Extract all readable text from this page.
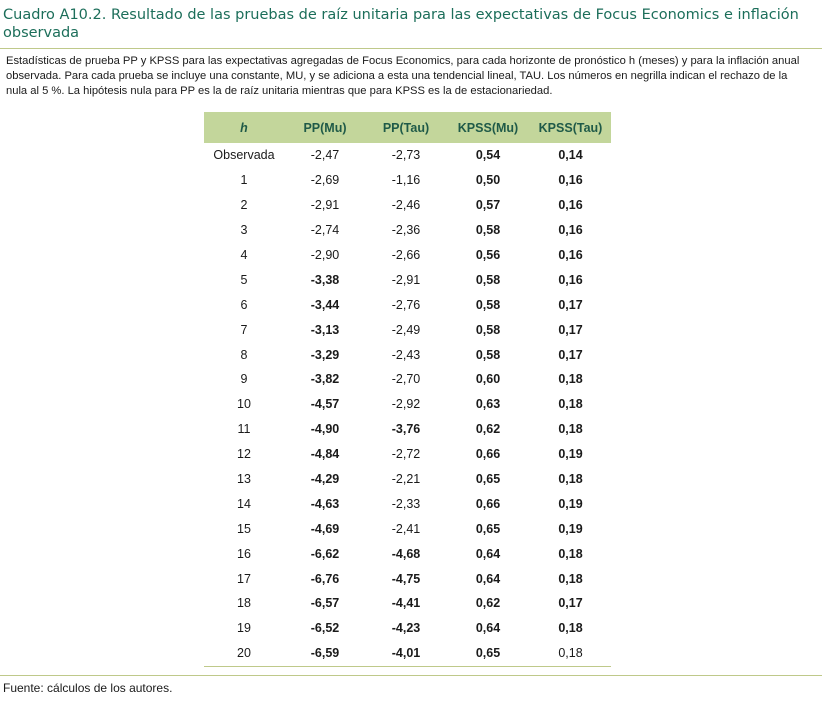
Cuadro A10.2. Resultado de las pruebas de raíz unitaria para las expectativas de Focus Economics e inflación observada
Estadísticas de prueba PP y KPSS para las expectativas agregadas de Focus Economics, para cada horizonte de pronóstico h (meses) y para la inflación anual observada. Para cada prueba se incluye una constante, MU, y se adiciona a esta una tendencial lineal, TAU. Los números en negrilla indican el rechazo de la nula al 5 %. La hipótesis nula para PP es la de raíz unitaria mientras que para KPSS es la de estacionariedad.
h	PP(Mu)	PP(Tau)	KPSS(Mu)	KPSS(Tau)
Observada	-2,47	-2,73	0,54	0,14
1	-2,69	-1,16	0,50	0,16
2	-2,91	-2,46	0,57	0,16
3	-2,74	-2,36	0,58	0,16
4	-2,90	-2,66	0,56	0,16
5	-3,38	-2,91	0,58	0,16
6	-3,44	-2,76	0,58	0,17
7	-3,13	-2,49	0,58	0,17
8	-3,29	-2,43	0,58	0,17
9	-3,82	-2,70	0,60	0,18
10	-4,57	-2,92	0,63	0,18
11	-4,90	-3,76	0,62	0,18
12	-4,84	-2,72	0,66	0,19
13	-4,29	-2,21	0,65	0,18
14	-4,63	-2,33	0,66	0,19
15	-4,69	-2,41	0,65	0,19
16	-6,62	-4,68	0,64	0,18
17	-6,76	-4,75	0,64	0,18
18	-6,57	-4,41	0,62	0,17
19	-6,52	-4,23	0,64	0,18
20	-6,59	-4,01	0,65	0,18
Fuente: cálculos de los autores.
